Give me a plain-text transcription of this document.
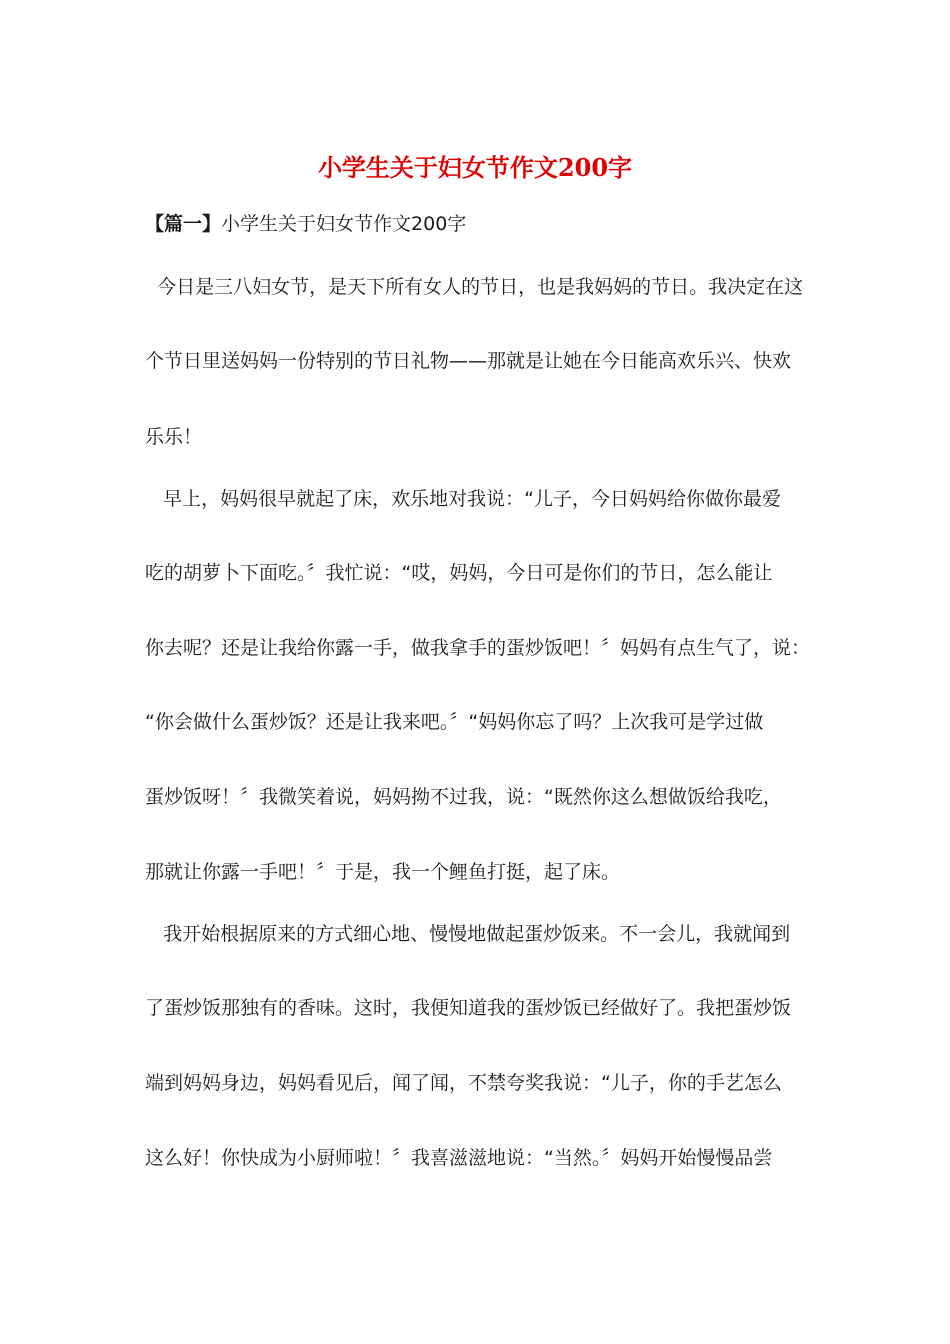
小学生关于妇女节作文200字
【篇一】小学生关于妇女节作文200字
今日是三八妇女节，是天下所有女人的节日，也是我妈妈的节日。我决定在这
个节日里送妈妈一份特别的节日礼物——那就是让她在今日能高欢乐兴、快欢
乐乐！
早上，妈妈很早就起了床，欢乐地对我说：“儿子，今日妈妈给你做你最爱
吃的胡萝卜下面吃。〞我忙说：“哎，妈妈，今日可是你们的节日，怎么能让
你去呢？还是让我给你露一手，做我拿手的蛋炒饭吧！〞妈妈有点生气了，说：
“你会做什么蛋炒饭？还是让我来吧。〞“妈妈你忘了吗？上次我可是学过做
蛋炒饭呀！〞我微笑着说，妈妈拗不过我，说：“既然你这么想做饭给我吃，
那就让你露一手吧！〞于是，我一个鲤鱼打挺，起了床。
我开始根据原来的方式细心地、慢慢地做起蛋炒饭来。不一会儿，我就闻到
了蛋炒饭那独有的香味。这时，我便知道我的蛋炒饭已经做好了。我把蛋炒饭
端到妈妈身边，妈妈看见后，闻了闻，不禁夸奖我说：“儿子，你的手艺怎么
这么好！你快成为小厨师啦！〞我喜滋滋地说：“当然。〞妈妈开始慢慢品尝
